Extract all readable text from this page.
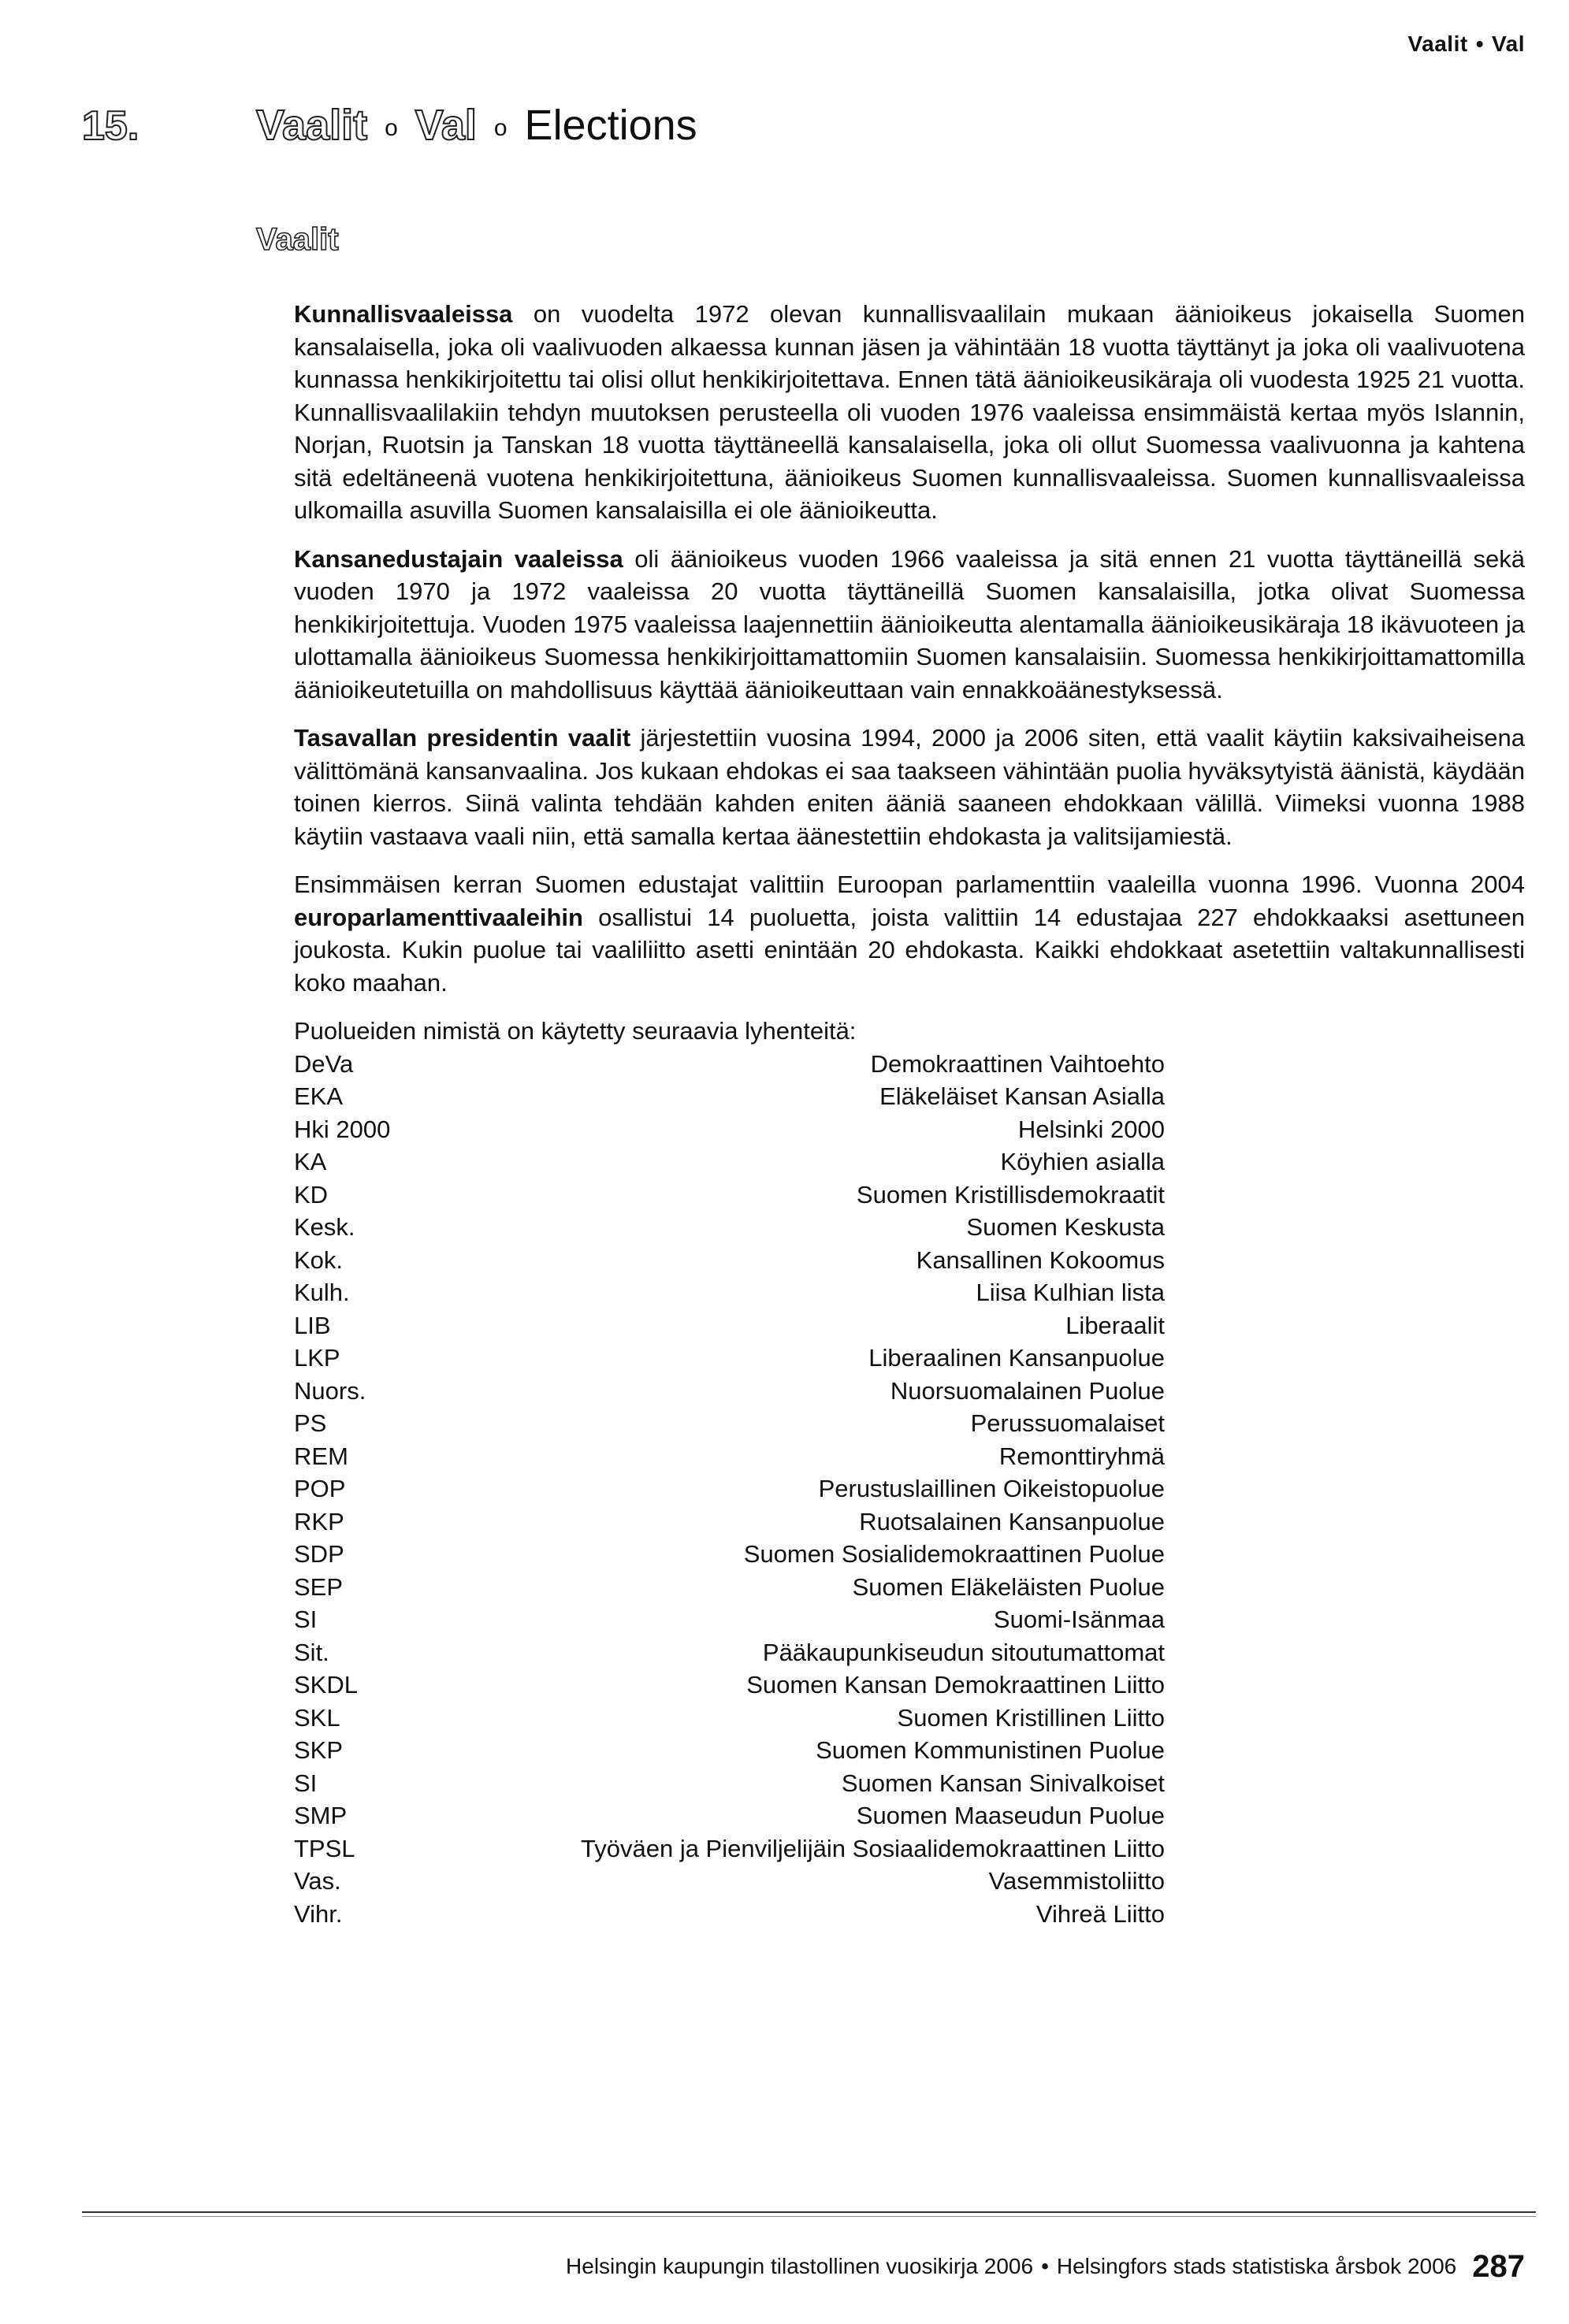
Vaalit • Val
15.	Vaalit o Val o Elections
Vaalit

Kunnallisvaaleissa on vuodelta 1972 olevan kunnallisvaalilain mukaan äänioikeus jokaisella Suomen kansalaisella, joka oli vaalivuoden alkaessa kunnan jäsen ja vähintään 18 vuotta täyttänyt ja joka oli vaalivuotena kunnassa henkikirjoitettu tai olisi ollut henkikirjoitettava. Ennen tätä äänioikeusikäraja oli vuodesta 1925 21 vuotta. Kunnallisvaalilakiin tehdyn muutoksen perusteella oli vuoden 1976 vaaleissa ensimmäistä kertaa myös Islannin, Norjan, Ruotsin ja Tanskan 18 vuotta täyttäneellä kansalaisella, joka oli ollut Suomessa vaalivuonna ja kahtena sitä edeltäneenä vuotena henkikirjoitettuna, äänioikeus Suomen kunnallisvaaleissa. Suomen kunnallisvaaleissa ulkomailla asuvilla Suomen kansalaisilla ei ole äänioikeutta.

Kansanedustajain vaaleissa oli äänioikeus vuoden 1966 vaaleissa ja sitä ennen 21 vuotta täyttäneillä sekä vuoden 1970 ja 1972 vaaleissa 20 vuotta täyttäneillä Suomen kansalaisilla, jotka olivat Suomessa henkikirjoitettuja. Vuoden 1975 vaaleissa laajennettiin äänioikeutta alentamalla äänioikeusikäraja 18 ikävuoteen ja ulottamalla äänioikeus Suomessa henkikirjoittamattomiin Suomen kansalaisiin. Suomessa henkikirjoittamattomilla äänioikeutetuilla on mahdollisuus käyttää äänioikeuttaan vain ennakkoäänestyksessä.

Tasavallan presidentin vaalit järjestettiin vuosina 1994, 2000 ja 2006 siten, että vaalit käytiin kaksivaiheisena välittömänä kansanvaalina. Jos kukaan ehdokas ei saa taakseen vähintään puolia hyväksytyistä äänistä, käydään toinen kierros. Siinä valinta tehdään kahden eniten ääniä saaneen ehdokkaan välillä. Viimeksi vuonna 1988 käytiin vastaava vaali niin, että samalla kertaa äänestettiin ehdokasta ja valitsijamiestä.

Ensimmäisen kerran Suomen edustajat valittiin Euroopan parlamenttiin vaaleilla vuonna 1996. Vuonna 2004 europarlamenttivaaleihin osallistui 14 puoluetta, joista valittiin 14 edustajaa 227 ehdokkaaksi asettuneen joukosta. Kukin puolue tai vaaliliitto asetti enintään 20 ehdokasta. Kaikki ehdokkaat asetettiin valtakunnallisesti koko maahan.

Puolueiden nimistä on käytetty seuraavia lyhenteitä:
DeVa	Demokraattinen Vaihtoehto
EKA	Eläkeläiset Kansan Asialla
Hki 2000	Helsinki 2000
KA	Köyhien asialla
KD	Suomen Kristillisdemokraatit
Kesk.	Suomen Keskusta
Kok.	Kansallinen Kokoomus
Kulh.	Liisa Kulhian lista
LIB	Liberaalit
LKP	Liberaalinen Kansanpuolue
Nuors.	Nuorsuomalainen Puolue
PS	Perussuomalaiset
REM	Remonttiryhmä
POP	Perustuslaillinen Oikeistopuolue
RKP	Ruotsalainen Kansanpuolue
SDP	Suomen Sosialidemokraattinen Puolue
SEP	Suomen Eläkeläisten Puolue
SI	Suomi-Isänmaa
Sit.	Pääkaupunkiseudun sitoutumattomat
SKDL	Suomen Kansan Demokraattinen Liitto
SKL	Suomen Kristillinen Liitto
SKP	Suomen Kommunistinen Puolue
SI	Suomen Kansan Sinivalkoiset
SMP	Suomen Maaseudun Puolue
TPSL	Työväen ja Pienviljelijäin Sosiaalidemokraattinen Liitto
Vas.	Vasemmistoliitto
Vihr.	Vihreä Liitto
Helsingin kaupungin tilastollinen vuosikirja 2006 • Helsingfors stads statistiska årsbok 2006 287
